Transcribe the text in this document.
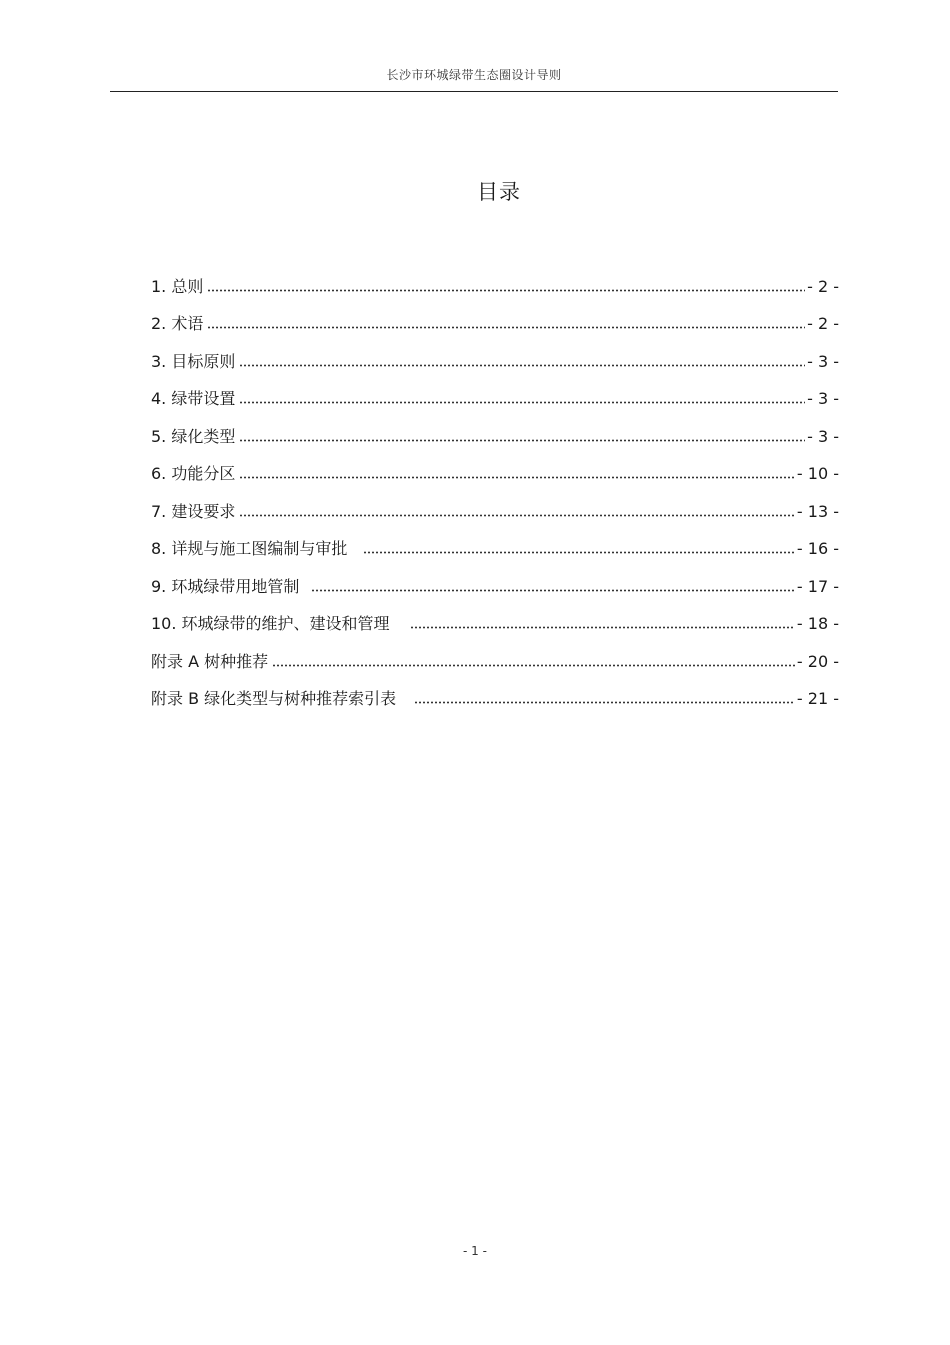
长沙市环城绿带生态圈设计导则
目录
1. 总则	- 2 -
2. 术语	- 2 -
3. 目标原则	- 3 -
4. 绿带设置	- 3 -
5. 绿化类型	- 3 -
6. 功能分区	- 10 -
7. 建设要求	- 13 -
8. 详规与施工图编制与审批	- 16 -
9. 环城绿带用地管制	- 17 -
10. 环城绿带的维护、建设和管理	- 18 -
附录 A 树种推荐	- 20 -
附录 B 绿化类型与树种推荐索引表	- 21 -
- 1 -
